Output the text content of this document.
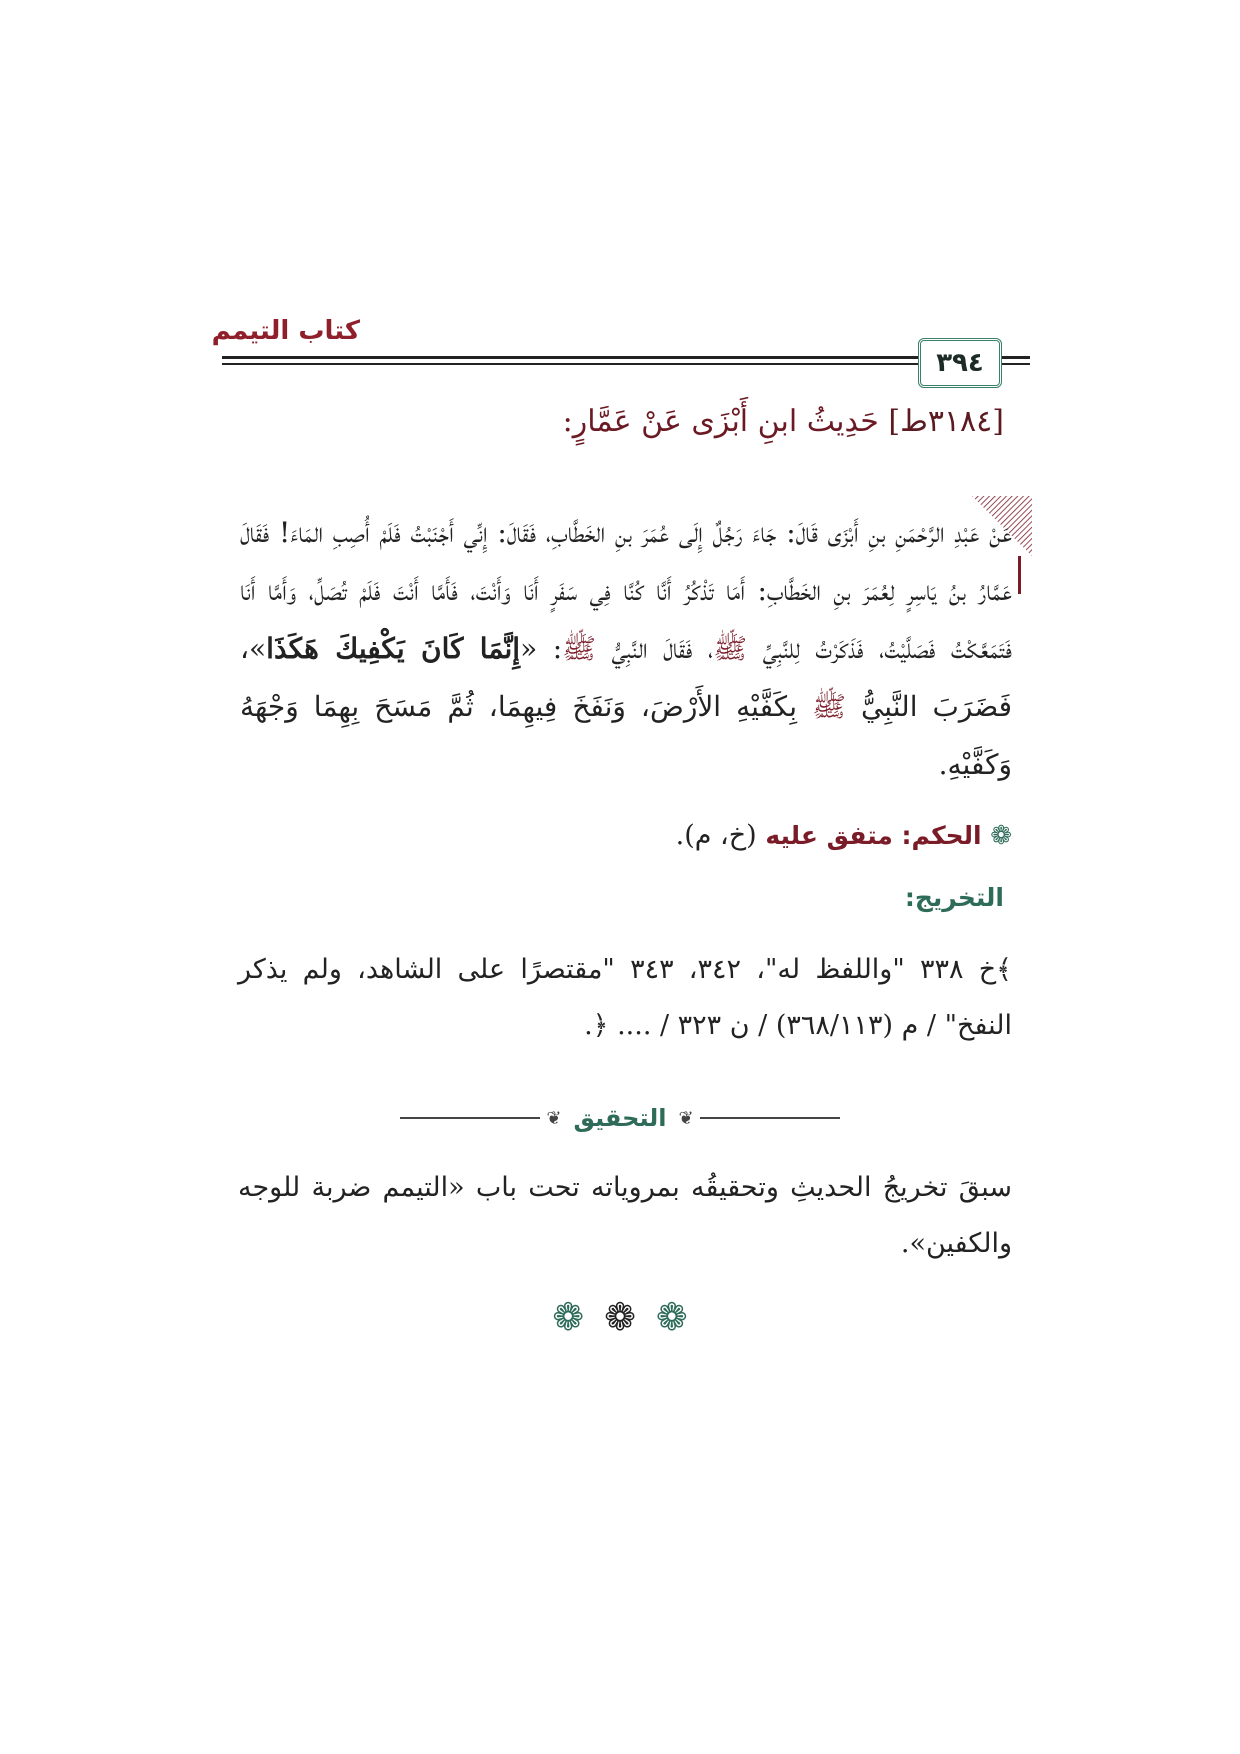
كتاب التيمم
٣٩٤
[٣١٨٤ط] حَدِيثُ ابنِ أَبْزَى عَنْ عَمَّارٍ:
عَنْ عَبْدِ الرَّحْمَنِ بنِ أَبْزَى قَالَ: جَاءَ رَجُلٌ إِلَى عُمَرَ بنِ الخَطَّابِ، فَقَالَ: إِنِّي أَجْنَبْتُ فَلَمْ أُصِبِ المَاءَ! فَقَالَ عَمَّارُ بنُ يَاسِرٍ لِعُمَرَ بنِ الخَطَّابِ: أَمَا تَذْكُرُ أَنَّا كُنَّا فِي سَفَرٍ أَنَا وَأَنْتَ، فَأَمَّا أَنْتَ فَلَمْ تُصَلِّ، وَأَمَّا أَنَا فَتَمَعَّكْتُ فَصَلَّيْتُ، فَذَكَرْتُ لِلنَّبِيِّ ﷺ، فَقَالَ النَّبِيُّ ﷺ: «إِنَّمَا كَانَ يَكْفِيكَ هَكَذَا»، فَضَرَبَ النَّبِيُّ ﷺ بِكَفَّيْهِ الأَرْضَ، وَنَفَخَ فِيهِمَا، ثُمَّ مَسَحَ بِهِمَا وَجْهَهُ وَكَفَّيْهِ.
❁ الحكم: متفق عليه (خ، م).
التخريج:
﴾خ ٣٣٨ "واللفظ له"، ٣٤٢، ٣٤٣ "مقتصرًا على الشاهد، ولم يذكر النفخ" / م (٣٦٨/١١٣) / ن ٣٢٣ / .... ﴿.
❦
التحقيق
❦
سبقَ تخريجُ الحديثِ وتحقيقُه بمروياته تحت باب «التيمم ضربة للوجه والكفين».
❁ ❁ ❁
